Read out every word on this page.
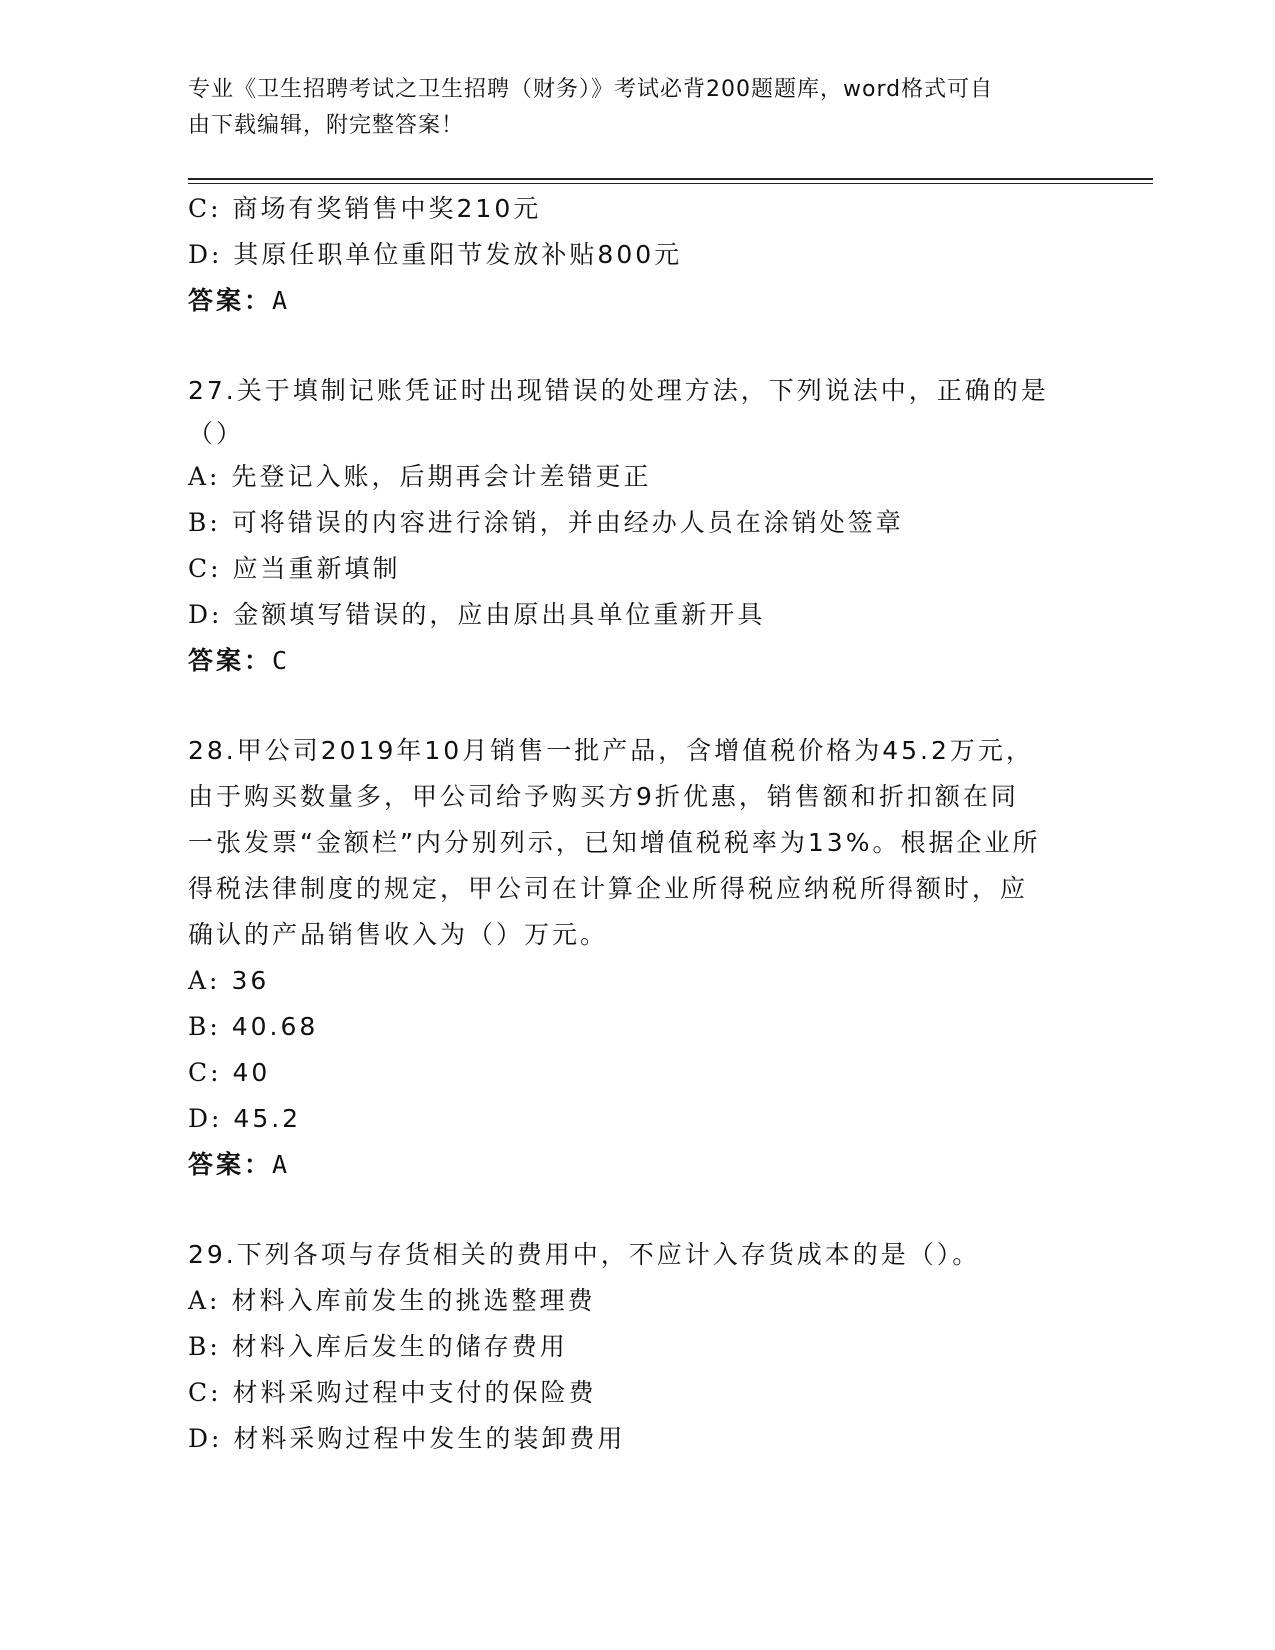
专业《卫生招聘考试之卫生招聘（财务）》考试必背200题题库，word格式可自
由下载编辑，附完整答案！
C: 商场有奖销售中奖210元
D: 其原任职单位重阳节发放补贴800元
答案：A
27.关于填制记账凭证时出现错误的处理方法，下列说法中，正确的是
（）
A: 先登记入账，后期再会计差错更正
B: 可将错误的内容进行涂销，并由经办人员在涂销处签章
C: 应当重新填制
D: 金额填写错误的，应由原出具单位重新开具
答案：C
28.甲公司2019年10月销售一批产品，含增值税价格为45.2万元，
由于购买数量多，甲公司给予购买方9折优惠，销售额和折扣额在同
一张发票“金额栏”内分别列示，已知增值税税率为13%。根据企业所
得税法律制度的规定，甲公司在计算企业所得税应纳税所得额时，应
确认的产品销售收入为（）万元。
A: 36
B: 40.68
C: 40
D: 45.2
答案：A
29.下列各项与存货相关的费用中，不应计入存货成本的是（）。
A: 材料入库前发生的挑选整理费
B: 材料入库后发生的储存费用
C: 材料采购过程中支付的保险费
D: 材料采购过程中发生的装卸费用
